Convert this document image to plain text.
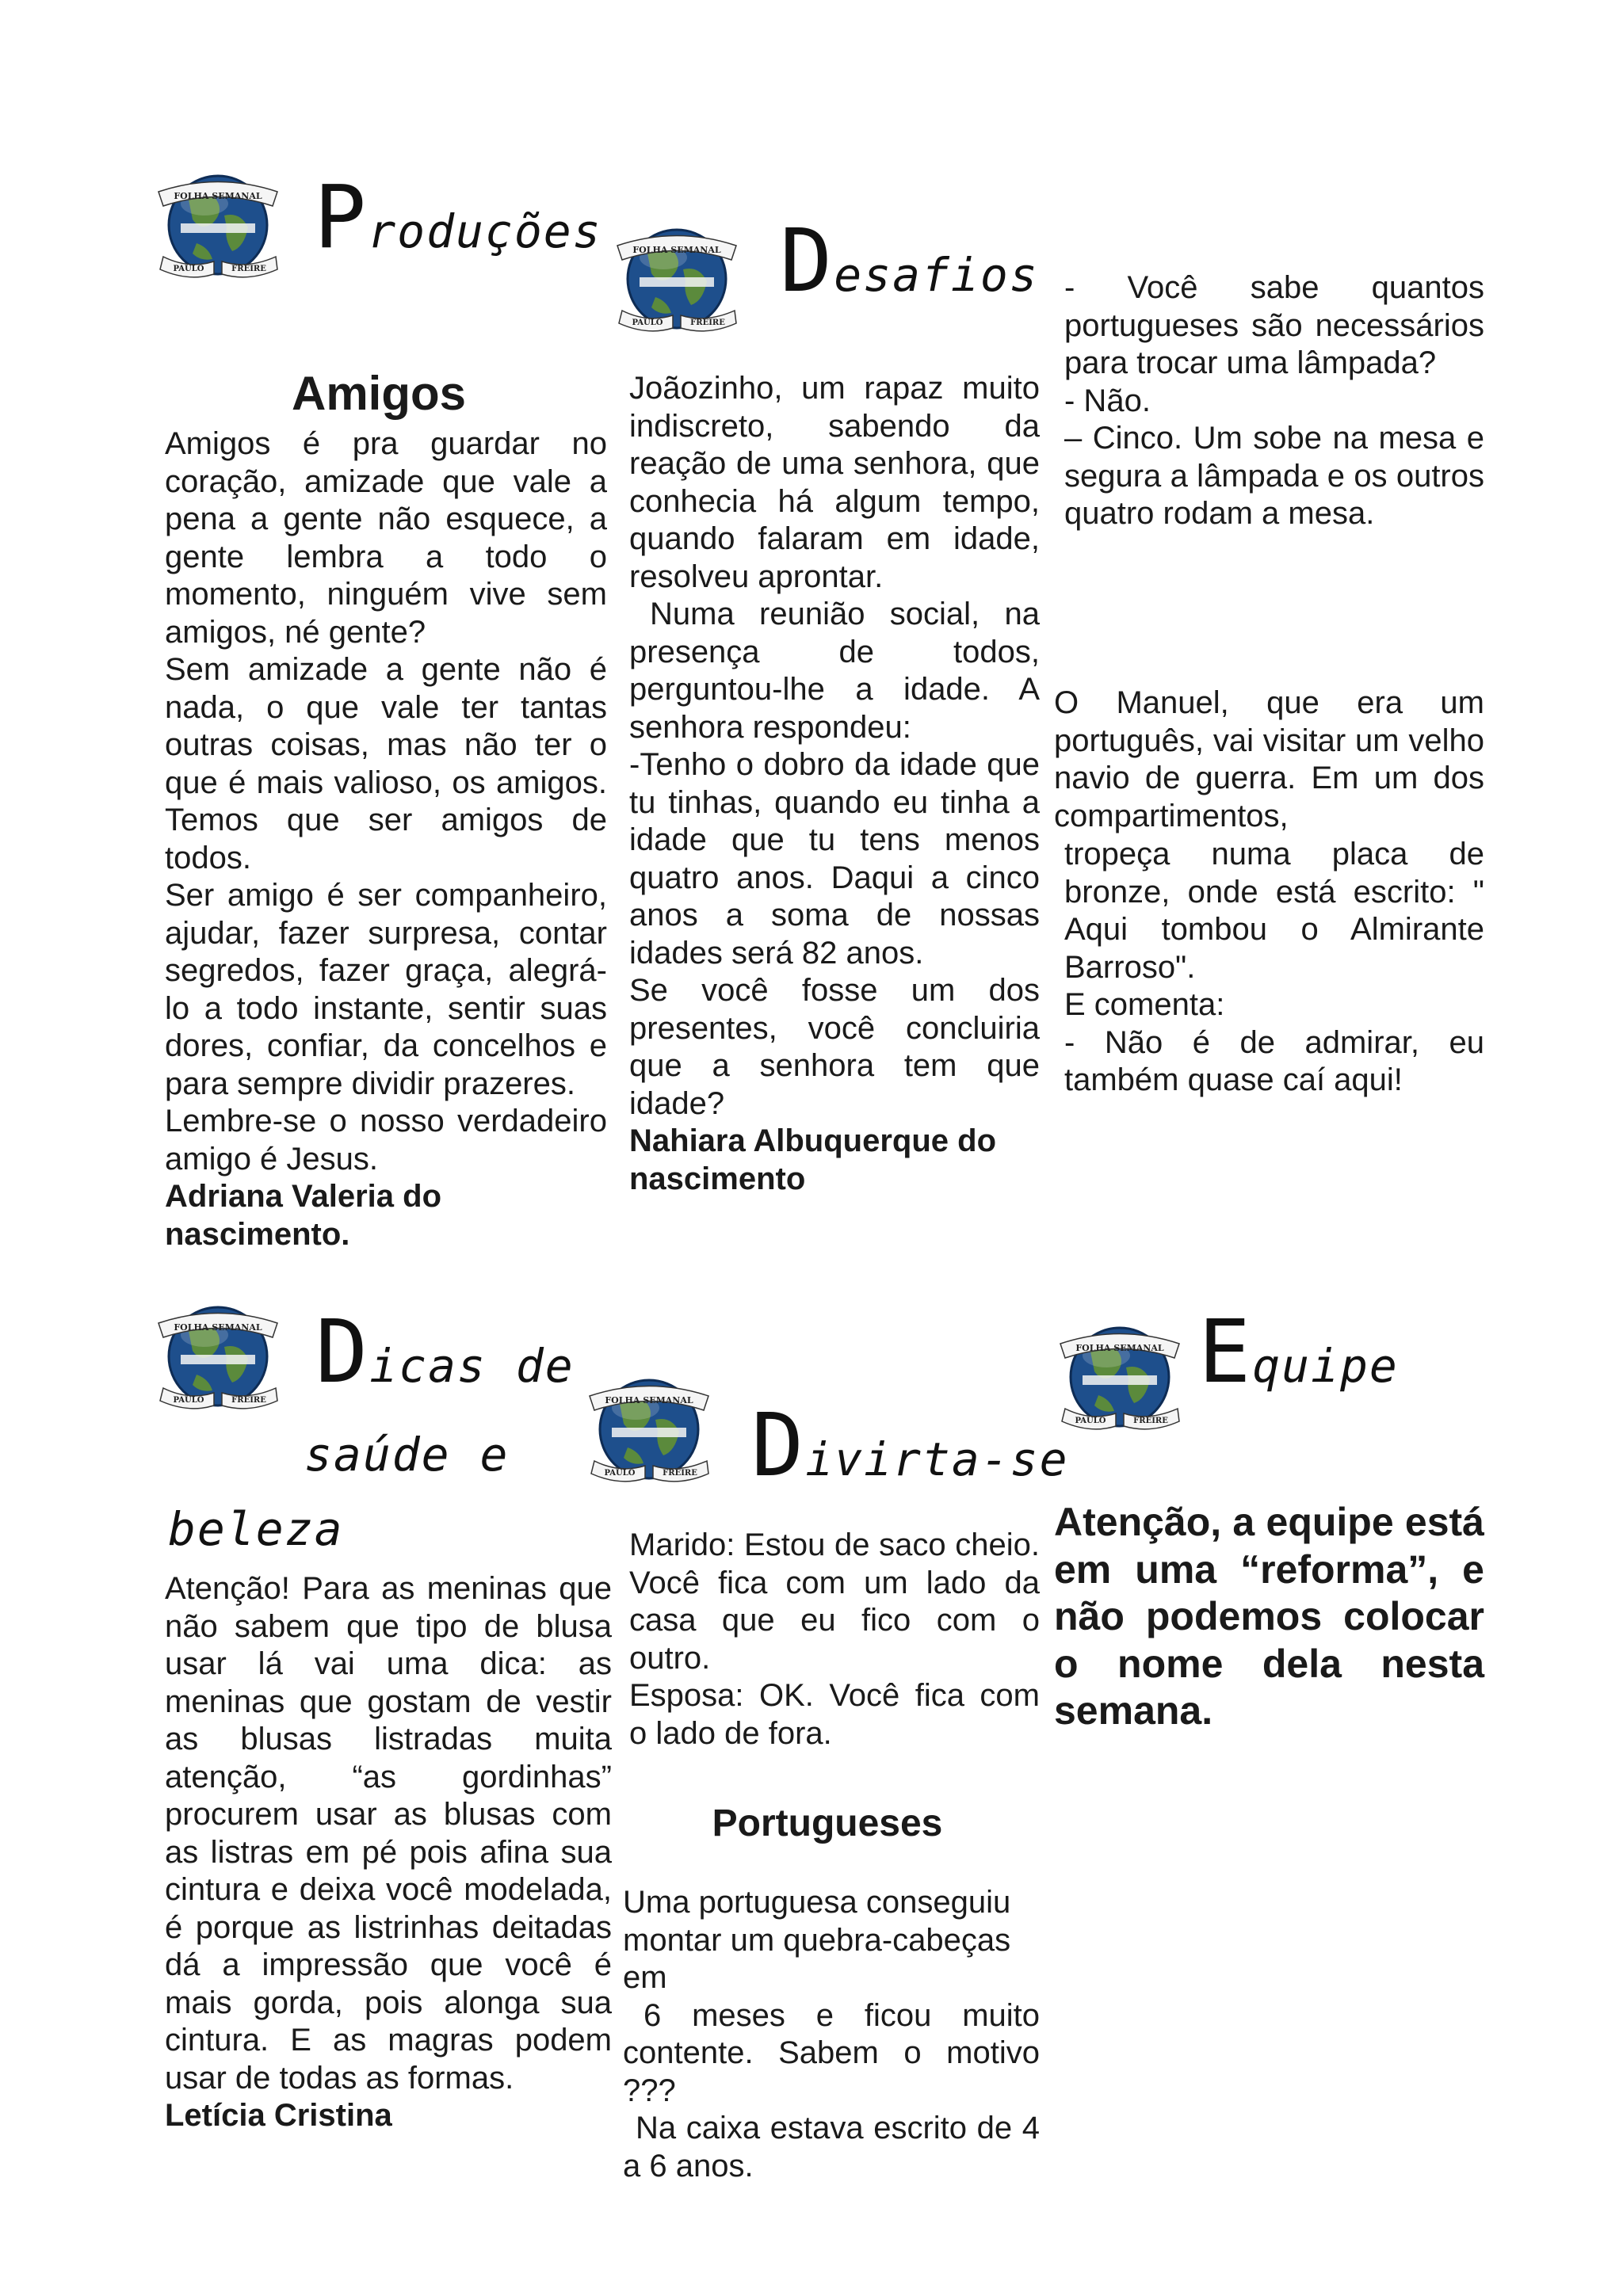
FOLHA SEMANAL
PAULO	FREIRE
Produções
Amigos

Amigos é pra guardar no coração, amizade que vale a pena a gente não esquece, a gente lembra a todo o momento, ninguém vive sem amigos, né gente?

Sem amizade a gente não é nada, o que vale ter tantas outras coisas, mas não ter o que é mais valioso, os amigos. Temos que ser amigos de todos.

Ser amigo é ser companheiro, ajudar, fazer surpresa, contar segredos, fazer graça, alegrá-lo a todo instante, sentir suas dores, confiar, da concelhos e para sempre dividir prazeres.

Lembre-se o nosso verdadeiro amigo é Jesus.

Adriana Valeria do nascimento.

FOLHA SEMANAL
PAULO	FREIRE
Desafios

Joãozinho, um rapaz muito indiscreto, sabendo da reação de uma senhora, que conhecia há algum tempo, quando falaram em idade, resolveu aprontar.

Numa reunião social, na presença de todos, perguntou-lhe a idade. A senhora respondeu:

-Tenho o dobro da idade que tu tinhas, quando eu tinha a idade que tu tens menos quatro anos. Daqui a cinco anos a soma de nossas idades será 82 anos.

Se você fosse um dos presentes, você concluiria que a senhora tem que idade?

Nahiara Albuquerque do nascimento

- Você sabe quantos portugueses são necessários para trocar uma lâmpada?

- Não.

– Cinco. Um sobe na mesa e segura a lâmpada e os outros quatro rodam a mesa.

O Manuel, que era um português, vai visitar um velho navio de guerra. Em um dos compartimentos,

tropeça numa placa de bronze, onde está escrito: " Aqui tombou o Almirante Barroso".

E comenta:

- Não é de admirar, eu também quase caí aqui!

FOLHA SEMANAL
PAULO	FREIRE Dicas de
saúde e
beleza

Atenção! Para as meninas que não sabem que tipo de blusa usar lá vai uma dica: as meninas que gostam de vestir as blusas listradas muita atenção, “as gordinhas” procurem usar as blusas com as listras em pé pois afina sua cintura e deixa você modelada, é porque as listrinhas deitadas dá a impressão que você é mais gorda, pois alonga sua cintura. E as magras podem usar de todas as formas.

Letícia Cristina

FOLHA SEMANAL
PAULO	FREIRE Divirta-se

Marido: Estou de saco cheio. Você fica com um lado da casa que eu fico com o outro.

Esposa: OK. Você fica com o lado de fora.

Portugueses

Uma portuguesa conseguiu montar um quebra-cabeças em

6 meses e ficou muito contente. Sabem o motivo ???

Na caixa estava escrito de 4 a 6 anos.

FOLHA SEMANAL
PAULO	FREIRE
Equipe

Atenção, a equipe está em uma “reforma”, e não podemos colocar o nome dela nesta semana.
